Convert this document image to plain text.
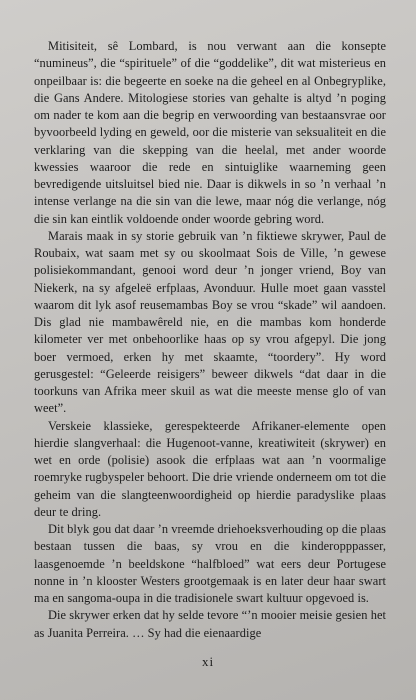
Mitisiteit, sê Lombard, is nou verwant aan die konsepte “numineus”, die “spirituele” of die “goddelike”, dit wat misterieus en onpeilbaar is: die begeerte en soeke na die geheel en al Onbegryplike, die Gans Andere. Mitologiese stories van gehalte is altyd ’n poging om nader te kom aan die begrip en verwoording van bestaansvrae oor byvoorbeeld lyding en geweld, oor die misterie van seksualiteit en die verklaring van die skepping van die heelal, met ander woorde kwessies waaroor die rede en sintuiglike waarneming geen bevredigende uitsluitsel bied nie. Daar is dikwels in so ’n verhaal ’n intense verlange na die sin van die lewe, maar nóg die verlange, nóg die sin kan eintlik voldoende onder woorde gebring word.

Marais maak in sy storie gebruik van ’n fiktiewe skrywer, Paul de Roubaix, wat saam met sy ou skoolmaat Sois de Ville, ’n gewese polisiekommandant, genooi word deur ’n jonger vriend, Boy van Niekerk, na sy afgeleë erfplaas, Avonduur. Hulle moet gaan vasstel waarom dit lyk asof reusemambas Boy se vrou “skade” wil aandoen. Dis glad nie mambawêreld nie, en die mambas kom honderde kilometer ver met onbehoorlike haas op sy vrou afgepyl. Die jong boer vermoed, erken hy met skaamte, “toordery”. Hy word gerusgestel: “Geleerde reisigers” beweer dikwels “dat daar in die toorkuns van Afrika meer skuil as wat die meeste mense glo of van weet”.

Verskeie klassieke, gerespekteerde Afrikaner-elemente open hierdie slangverhaal: die Hugenoot-vanne, kreatiwiteit (skrywer) en wet en orde (polisie) asook die erfplaas wat aan ’n voormalige roemryke rugbyspeler behoort. Die drie vriende onderneem om tot die geheim van die slangteenwoordigheid op hierdie paradyslike plaas deur te dring.

Dit blyk gou dat daar ’n vreemde driehoeksverhouding op die plaas bestaan tussen die baas, sy vrou en die kinderopppasser, laasgenoemde ’n beeldskone “halfbloed” wat eers deur Portugese nonne in ’n klooster Westers grootgemaak is en later deur haar swart ma en sangoma-oupa in die tradisionele swart kultuur opgevoed is.

Die skrywer erken dat hy selde tevore “’n mooier meisie gesien het as Juanita Perreira. … Sy had die eienaardige

xi
